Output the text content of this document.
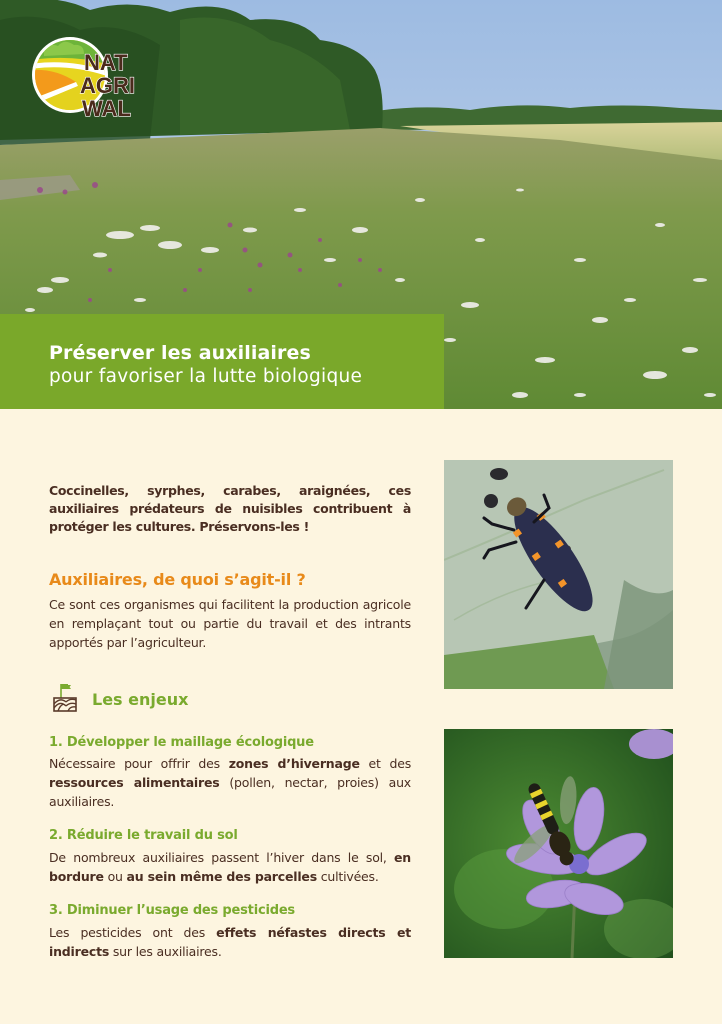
NAT
AGRI
WAL
Préserver les auxiliaires
pour favoriser la lutte biologique
Coccinelles, syrphes, carabes, araignées, ces auxiliaires prédateurs de nuisibles contribuent à protéger les cultures. Préservons-les !
Auxiliaires, de quoi s’agit-il ?
Ce sont ces organismes qui facilitent la production agricole en remplaçant tout ou partie du travail et des intrants apportés par l’agriculteur.
Les enjeux
1. Développer le maillage écologique
Nécessaire pour offrir des zones d’hivernage et des ressources alimentaires (pollen, nectar, proies) aux auxiliaires.
2. Réduire le travail du sol
De nombreux auxiliaires passent l’hiver dans le sol, en bordure ou au sein même des parcelles cultivées.
3. Diminuer l’usage des pesticides
Les pesticides ont des effets néfastes directs et indirects sur les auxiliaires.
